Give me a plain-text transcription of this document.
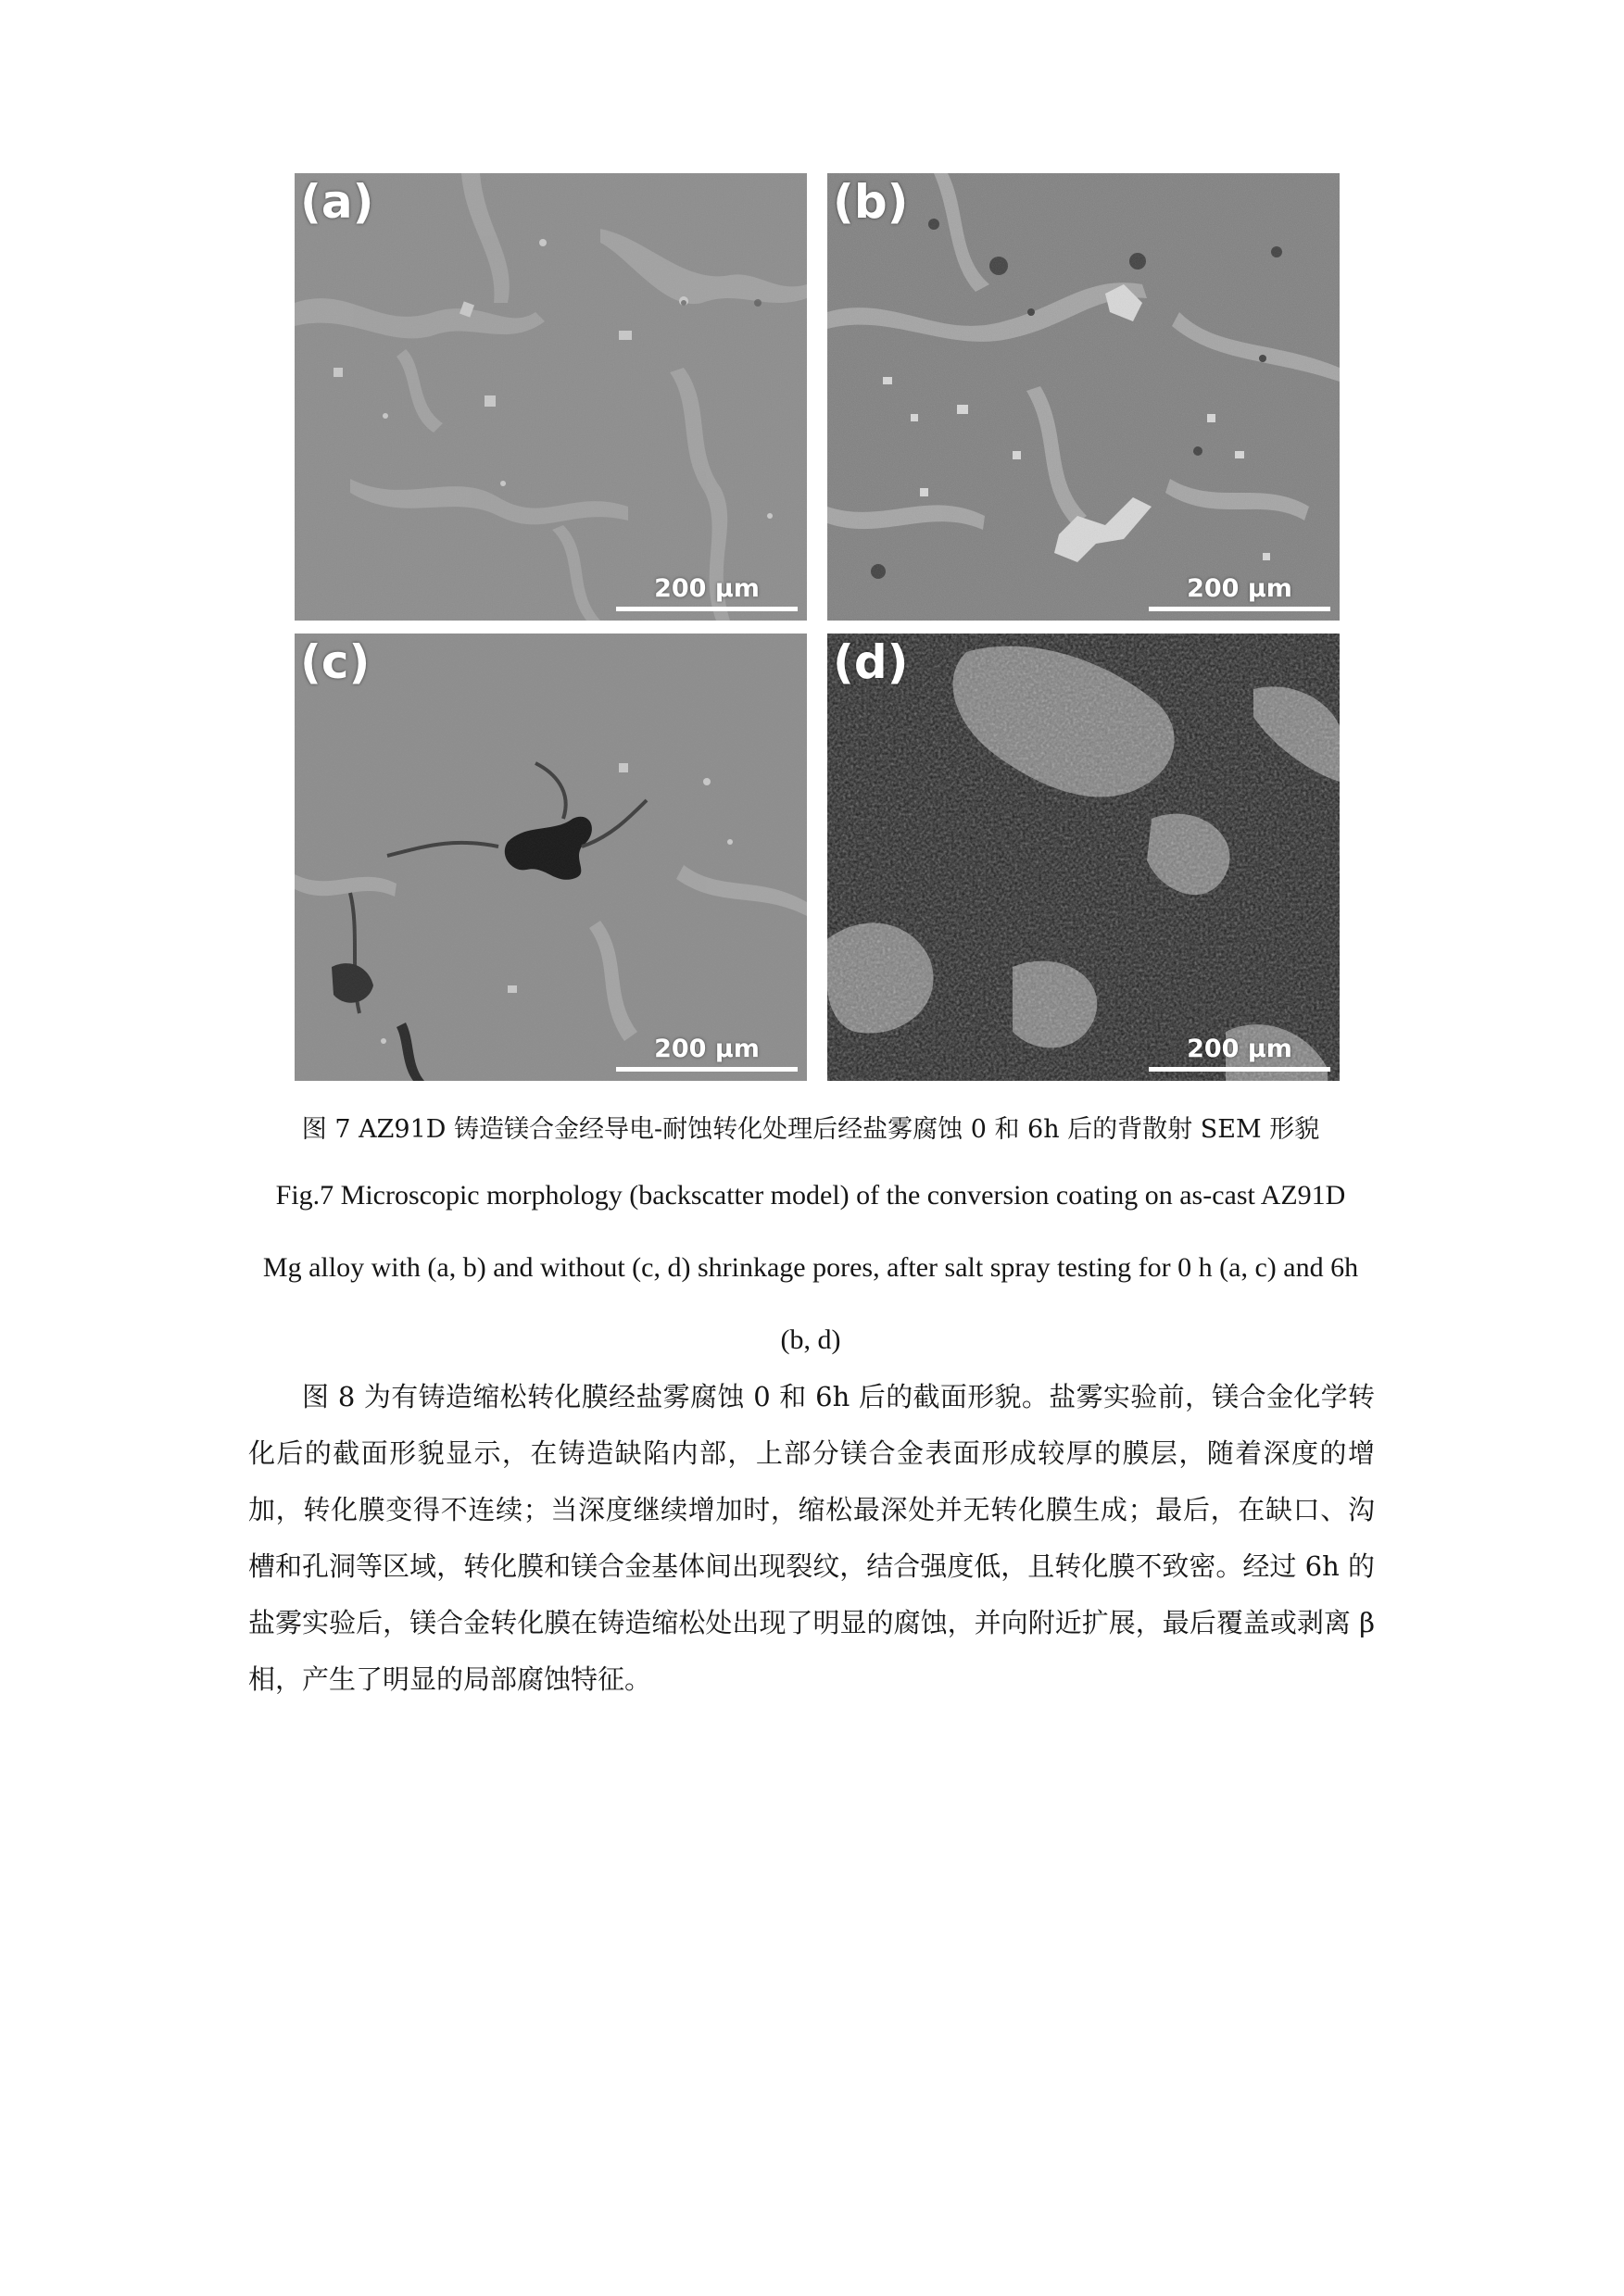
(a)
200 μm
(b)
200 μm
(c)
200 μm
(d)
200 μm
图 7 AZ91D 铸造镁合金经导电-耐蚀转化处理后经盐雾腐蚀 0 和 6h 后的背散射 SEM 形貌
Fig.7 Microscopic morphology (backscatter model) of the conversion coating on as-cast AZ91D
Mg alloy with (a, b) and without (c, d) shrinkage pores, after salt spray testing for 0 h (a, c) and 6h
(b, d)

图 8 为有铸造缩松转化膜经盐雾腐蚀 0 和 6h 后的截面形貌。盐雾实验前，镁合金化学转化后的截面形貌显示，在铸造缺陷内部，上部分镁合金表面形成较厚的膜层，随着深度的增加，转化膜变得不连续；当深度继续增加时，缩松最深处并无转化膜生成；最后，在缺口、沟槽和孔洞等区域，转化膜和镁合金基体间出现裂纹，结合强度低，且转化膜不致密。经过 6h 的盐雾实验后，镁合金转化膜在铸造缩松处出现了明显的腐蚀，并向附近扩展，最后覆盖或剥离 β 相，产生了明显的局部腐蚀特征。
